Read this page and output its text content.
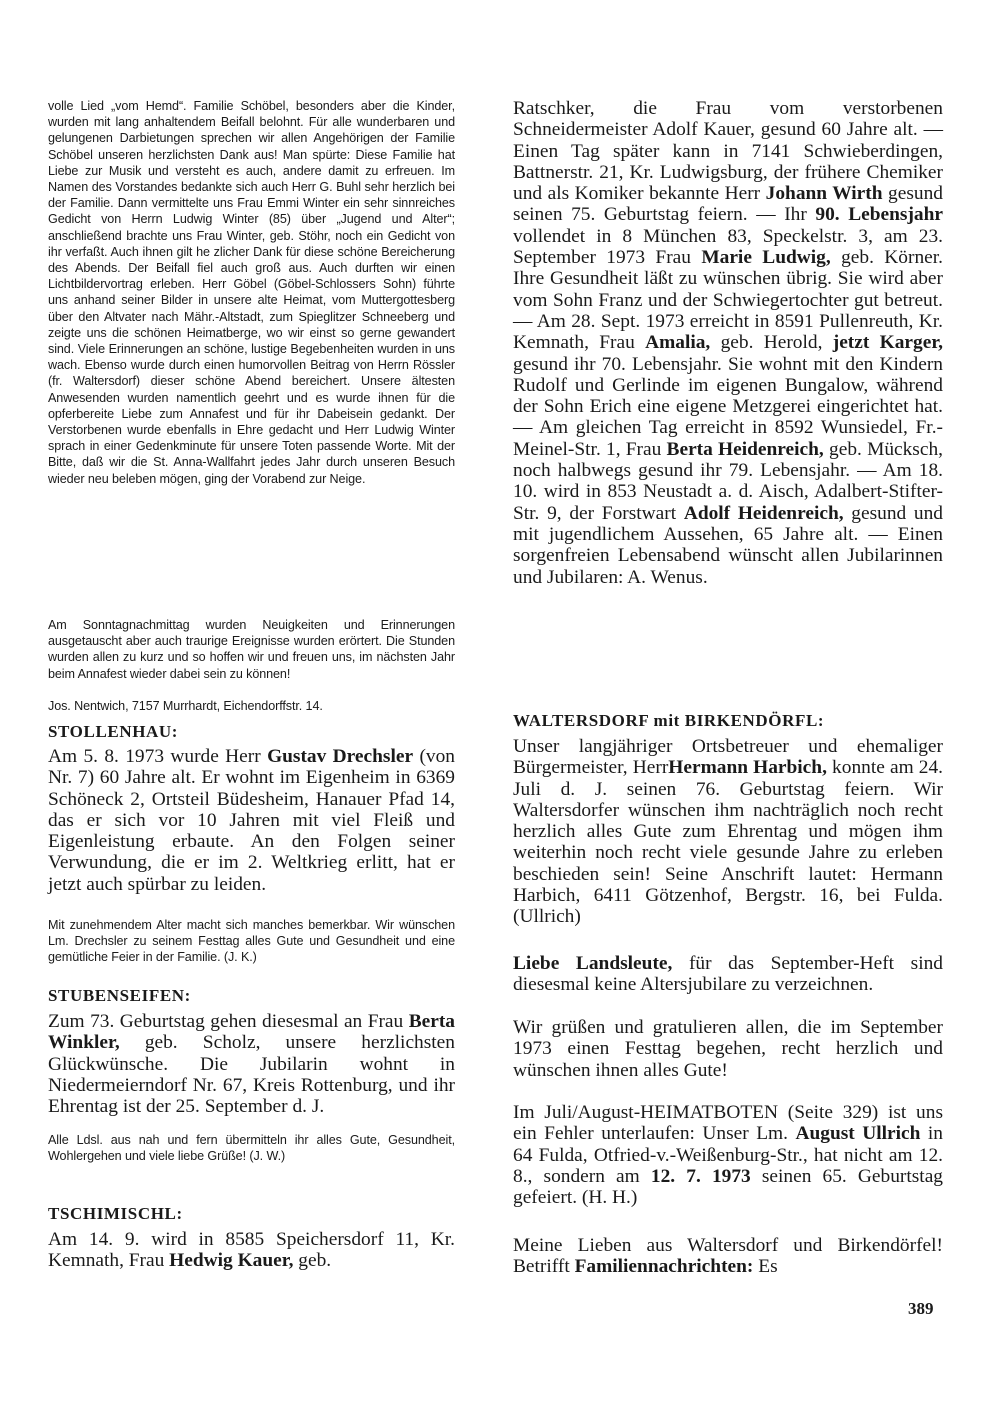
volle Lied „vom Hemd“. Familie Schöbel, besonders aber die Kinder, wurden mit lang anhaltendem Beifall belohnt. Für alle wunderbaren und gelungenen Darbietungen sprechen wir allen Angehörigen der Familie Schöbel unseren herzlichsten Dank aus! Man spürte: Diese Familie hat Liebe zur Musik und versteht es auch, andere damit zu erfreuen. Im Namen des Vorstandes bedankte sich auch Herr G. Buhl sehr herzlich bei der Familie. Dann vermittelte uns Frau Emmi Winter ein sehr sinnreiches Gedicht von Herrn Ludwig Winter (85) über „Jugend und Alter“; anschließend brachte uns Frau Winter, geb. Stöhr, noch ein Gedicht von ihr verfaßt. Auch ihnen gilt he zlicher Dank für diese schöne Bereicherung des Abends. Der Beifall fiel auch groß aus. Auch durften wir einen Lichtbildervortrag erleben. Herr Göbel (Göbel-Schlossers Sohn) führte uns anhand seiner Bilder in unsere alte Heimat, vom Muttergottesberg über den Altvater nach Mähr.-Altstadt, zum Spieglitzer Schneeberg und zeigte uns die schönen Heimatberge, wo wir einst so gerne gewandert sind. Viele Erinnerungen an schöne, lustige Begebenheiten wurden in uns wach. Ebenso wurde durch einen humorvollen Beitrag von Herrn Rössler (fr. Waltersdorf) dieser schöne Abend bereichert. Unsere ältesten Anwesenden wurden namentlich geehrt und es wurde ihnen für die opferbereite Liebe zum Annafest und für ihr Dabeisein gedankt. Der Verstorbenen wurde ebenfalls in Ehre gedacht und Herr Ludwig Winter sprach in einer Gedenkminute für unsere Toten passende Worte. Mit der Bitte, daß wir die St. Anna-Wallfahrt jedes Jahr durch unseren Besuch wieder neu beleben mögen, ging der Vorabend zur Neige.

Am Sonntagnachmittag wurden Neuigkeiten und Erinnerungen ausgetauscht aber auch traurige Ereignisse wurden erörtert. Die Stunden wurden allen zu kurz und so hoffen wir und freuen uns, im nächsten Jahr beim Annafest wieder dabei sein zu können!

Jos. Nentwich, 7157 Murrhardt, Eichendorffstr. 14.

STOLLENHAU:

Am 5. 8. 1973 wurde Herr Gustav Drechsler (von Nr. 7) 60 Jahre alt. Er wohnt im Eigenheim in 6369 Schöneck 2, Ortsteil Büdesheim, Hanauer Pfad 14, das er sich vor 10 Jahren mit viel Fleiß und Eigenleistung erbaute. An den Folgen seiner Verwundung, die er im 2. Weltkrieg erlitt, hat er jetzt auch spürbar zu leiden.

Mit zunehmendem Alter macht sich manches bemerkbar. Wir wünschen Lm. Drechsler zu seinem Festtag alles Gute und Gesundheit und eine gemütliche Feier in der Familie. (J. K.)

STUBENSEIFEN:

Zum 73. Geburtstag gehen diesesmal an Frau Berta Winkler, geb. Scholz, unsere herzlichsten Glückwünsche. Die Jubilarin wohnt in Niedermeierndorf Nr. 67, Kreis Rottenburg, und ihr Ehrentag ist der 25. September d. J.

Alle Ldsl. aus nah und fern übermitteln ihr alles Gute, Gesundheit, Wohlergehen und viele liebe Grüße! (J. W.)

TSCHIMISCHL:

Am 14. 9. wird in 8585 Speichersdorf 11, Kr. Kemnath, Frau Hedwig Kauer, geb.

Ratschker, die Frau vom verstorbenen Schneidermeister Adolf Kauer, gesund 60 Jahre alt. — Einen Tag später kann in 7141 Schwieberdingen, Battnerstr. 21, Kr. Ludwigsburg, der frühere Chemiker und als Komiker bekannte Herr Johann Wirth gesund seinen 75. Geburtstag feiern. — Ihr 90. Lebensjahr vollendet in 8 München 83, Speckelstr. 3, am 23. September 1973 Frau Marie Ludwig, geb. Körner. Ihre Gesundheit läßt zu wünschen übrig. Sie wird aber vom Sohn Franz und der Schwiegertochter gut betreut. — Am 28. Sept. 1973 erreicht in 8591 Pullenreuth, Kr. Kemnath, Frau Amalia, geb. Herold, jetzt Karger, gesund ihr 70. Lebensjahr. Sie wohnt mit den Kindern Rudolf und Gerlinde im eigenen Bungalow, während der Sohn Erich eine eigene Metzgerei eingerichtet hat. — Am gleichen Tag erreicht in 8592 Wunsiedel, Fr.-Meinel-Str. 1, Frau Berta Heidenreich, geb. Mücksch, noch halbwegs gesund ihr 79. Lebensjahr. — Am 18. 10. wird in 853 Neustadt a. d. Aisch, Adalbert-Stifter-Str. 9, der Forstwart Adolf Heidenreich, gesund und mit jugendlichem Aussehen, 65 Jahre alt. — Einen sorgenfreien Lebensabend wünscht allen Jubilarinnen und Jubilaren: A. Wenus.

WALTERSDORF mit BIRKENDÖRFL:

Unser langjähriger Ortsbetreuer und ehemaliger Bürgermeister, HerrHermann Harbich, konnte am 24. Juli d. J. seinen 76. Geburtstag feiern. Wir Waltersdorfer wünschen ihm nachträglich noch recht herzlich alles Gute zum Ehrentag und mögen ihm weiterhin noch recht viele gesunde Jahre zu erleben beschieden sein! Seine Anschrift lautet: Hermann Harbich, 6411 Götzenhof, Bergstr. 16, bei Fulda. (Ullrich)

Liebe Landsleute, für das September-Heft sind diesesmal keine Altersjubilare zu verzeichnen.

Wir grüßen und gratulieren allen, die im September 1973 einen Festtag begehen, recht herzlich und wünschen ihnen alles Gute!

Im Juli/August-HEIMATBOTEN (Seite 329) ist uns ein Fehler unterlaufen: Unser Lm. August Ullrich in 64 Fulda, Otfried-v.-Weißenburg-Str., hat nicht am 12. 8., sondern am 12. 7. 1973 seinen 65. Geburtstag gefeiert. (H. H.)

Meine Lieben aus Waltersdorf und Birkendörfel! Betrifft Familiennachrichten: Es

389
